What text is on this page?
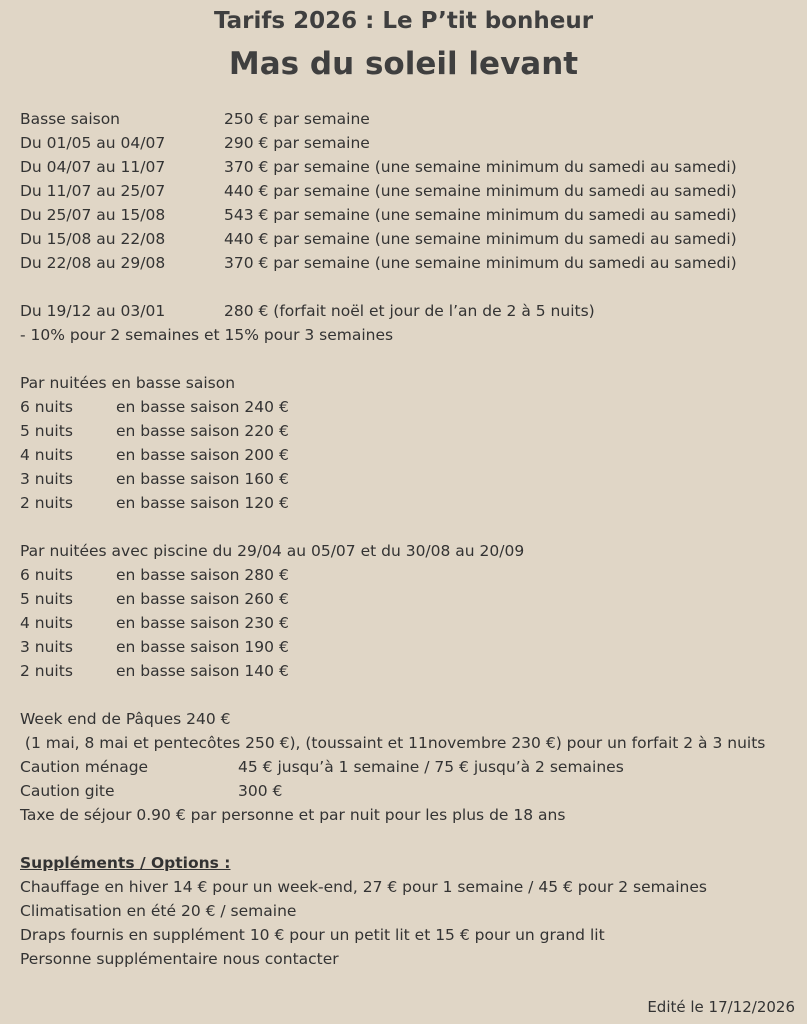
Tarifs 2026 : Le P’tit bonheur
Mas du soleil levant
Basse saison	250 € par semaine
Du 01/05 au 04/07	290 € par semaine
Du 04/07 au 11/07	370 € par semaine (une semaine minimum du samedi au samedi)
Du 11/07 au 25/07	440 € par semaine (une semaine minimum du samedi au samedi)
Du 25/07 au 15/08	543 € par semaine (une semaine minimum du samedi au samedi)
Du 15/08 au 22/08	440 € par semaine (une semaine minimum du samedi au samedi)
Du 22/08 au 29/08	370 € par semaine (une semaine minimum du samedi au samedi)
Du 19/12 au 03/01	280 € (forfait noël et jour de l’an de 2 à 5 nuits)
- 10% pour 2 semaines et 15% pour 3 semaines
Par nuitées en basse saison
6 nuits	en basse saison 240 €
5 nuits	en basse saison 220 €
4 nuits	en basse saison 200 €
3 nuits	en basse saison 160 €
2 nuits	en basse saison 120 €
Par nuitées avec piscine du 29/04 au 05/07 et du 30/08 au 20/09
6 nuits	en basse saison 280 €
5 nuits	en basse saison 260 €
4 nuits	en basse saison 230 €
3 nuits	en basse saison 190 €
2 nuits	en basse saison 140 €
Week end de Pâques 240 €
(1 mai, 8 mai et pentecôtes 250 €), (toussaint et 11novembre 230 €) pour un forfait 2 à 3 nuits
Caution ménage	45 € jusqu’à 1 semaine / 75 € jusqu’à 2 semaines
Caution gite	300 €
Taxe de séjour 0.90 € par personne et par nuit pour les plus de 18 ans
Suppléments / Options :
Chauffage en hiver 14 € pour un week-end, 27 € pour 1 semaine / 45 € pour 2 semaines
Climatisation en été 20 € / semaine
Draps fournis en supplément 10 € pour un petit lit et 15 € pour un grand lit
Personne supplémentaire nous contacter
Edité le 17/12/2026
